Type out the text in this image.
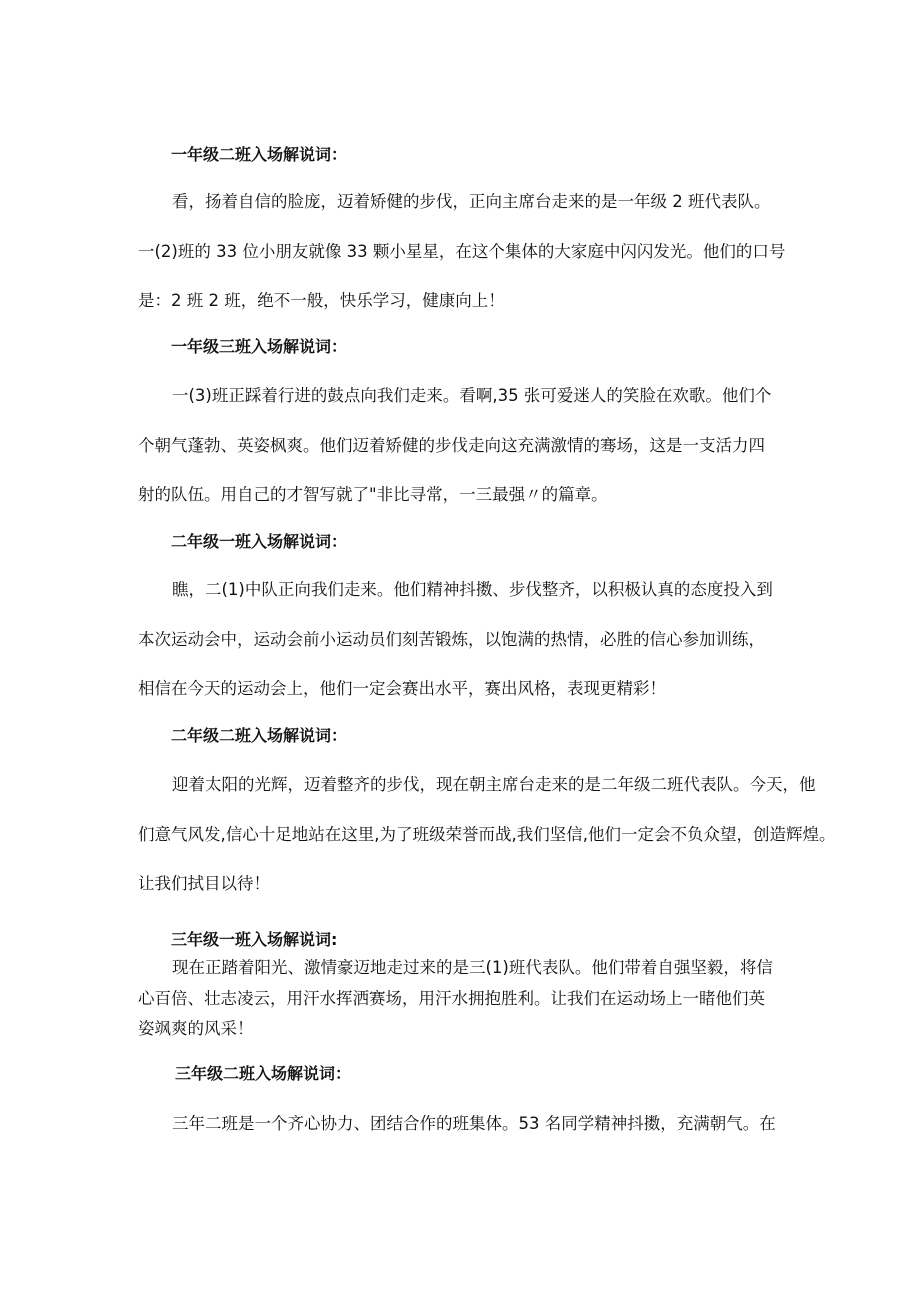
一年级二班入场解说词：
看，扬着自信的脸庞，迈着矫健的步伐，正向主席台走来的是一年级 2 班代表队。
一(2)班的 33 位小朋友就像 33 颗小星星，在这个集体的大家庭中闪闪发光。他们的口号
是：2 班 2 班，绝不一般，快乐学习，健康向上！
一年级三班入场解说词：
一(3)班正踩着行进的鼓点向我们走来。看啊,35 张可爱迷人的笑脸在欢歌。他们个
个朝气蓬勃、英姿枫爽。他们迈着矫健的步伐走向这充满激情的骞场，这是一支活力四
射的队伍。用自己的才智写就了"非比寻常，一三最强〃的篇章。
二年级一班入场解说词：
瞧，二(1)中队正向我们走来。他们精神抖擞、步伐整齐，以积极认真的态度投入到
本次运动会中，运动会前小运动员们刻苦锻炼，以饱满的热情，必胜的信心参加训练，
相信在今天的运动会上，他们一定会赛出水平，赛出风格，表现更精彩！
二年级二班入场解说词：
迎着太阳的光辉，迈着整齐的步伐，现在朝主席台走来的是二年级二班代表队。今天，他
们意气风发,信心十足地站在这里,为了班级荣誉而战,我们坚信,他们一定会不负众望，创造辉煌。
让我们拭目以待！
三年级一班入场解说词:
现在正踏着阳光、激情豪迈地走过来的是三(1)班代表队。他们带着自强坚毅，将信
心百倍、壮志凌云，用汗水挥洒赛场，用汗水拥抱胜利。让我们在运动场上一睹他们英
姿飒爽的风采！
三年级二班入场解说词：
三年二班是一个齐心协力、团结合作的班集体。53 名同学精神抖擞，充满朝气。在
